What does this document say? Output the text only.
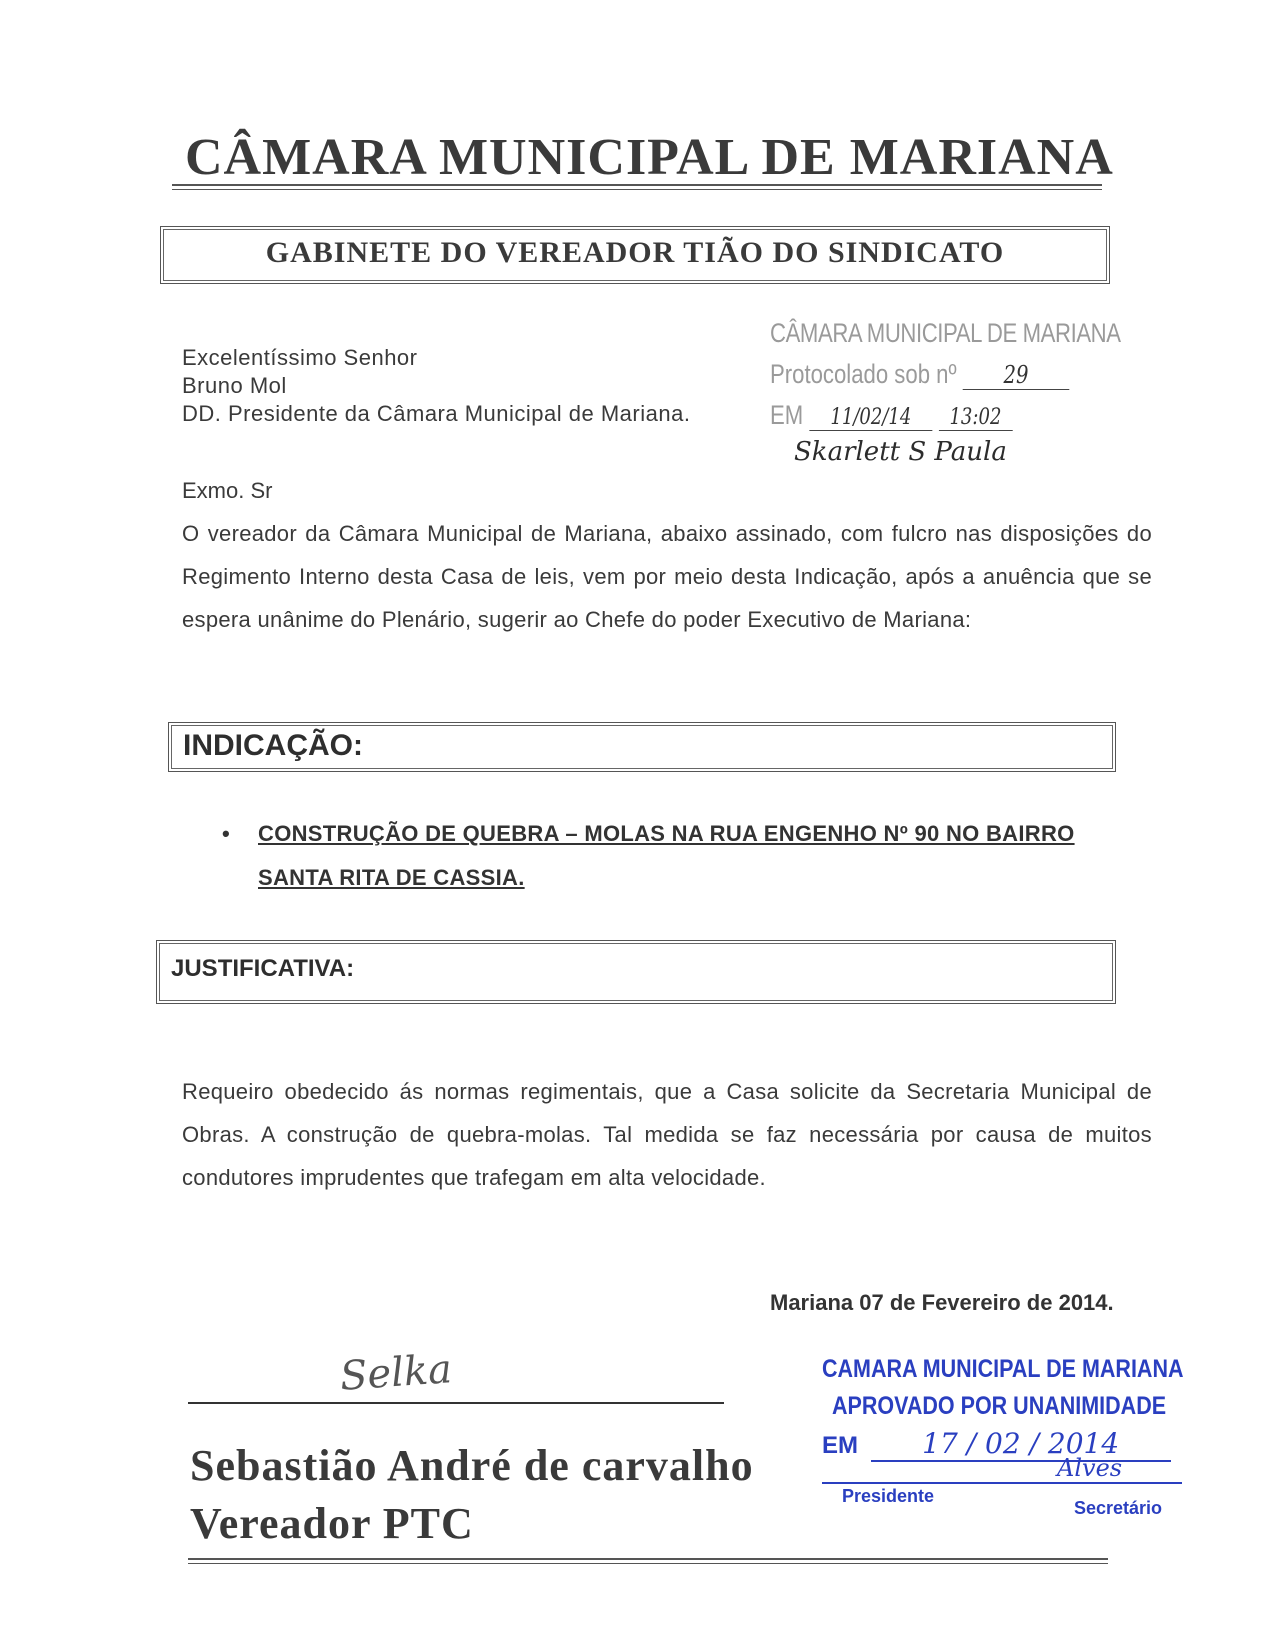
CÂMARA MUNICIPAL DE MARIANA
GABINETE DO VEREADOR TIÃO DO SINDICATO
Excelentíssimo Senhor
Bruno Mol
DD. Presidente da Câmara Municipal de Mariana.
CÂMARA MUNICIPAL DE MARIANA
Protocolado sob nº 29
EM 11/02/14 13:02
Skarlett S Paula
Exmo. Sr
O vereador da Câmara Municipal de Mariana, abaixo assinado, com fulcro nas disposições do Regimento Interno desta Casa de leis, vem por meio desta Indicação, após a anuência que se espera unânime do Plenário, sugerir ao Chefe do poder Executivo de Mariana:
INDICAÇÃO:
• CONSTRUÇÃO DE QUEBRA – MOLAS NA RUA ENGENHO Nº 90 NO BAIRRO SANTA RITA DE CASSIA.
JUSTIFICATIVA:
Requeiro obedecido ás normas regimentais, que a Casa solicite da Secretaria Municipal de Obras. A construção de quebra-molas. Tal medida se faz necessária por causa de muitos condutores imprudentes que trafegam em alta velocidade.
Mariana 07 de Fevereiro de 2014.
Selka
Sebastião André de carvalho
Vereador PTC
CAMARA MUNICIPAL DE MARIANA
APROVADO POR UNANIMIDADE
EM 17 / 02 / 2014
Presidente
Alves
Secretário
